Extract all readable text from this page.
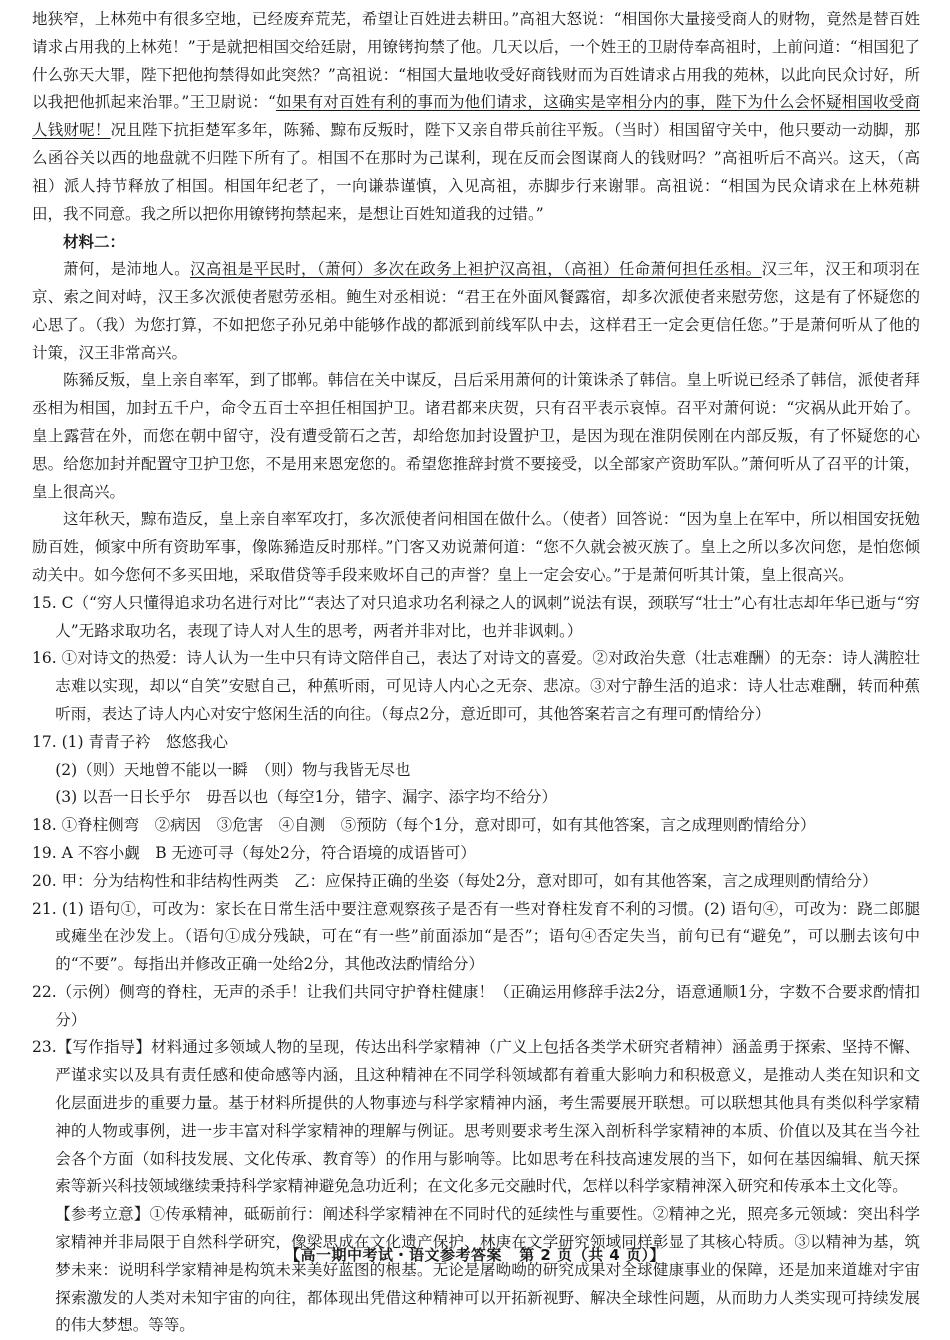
地狭窄，上林苑中有很多空地，已经废弃荒芜，希望让百姓进去耕田。”高祖大怒说：“相国你大量接受商人的财物，竟然是替百姓请求占用我的上林苑！”于是就把相国交给廷尉，用镣铐拘禁了他。几天以后，一个姓王的卫尉侍奉高祖时，上前问道：“相国犯了什么弥天大罪，陛下把他拘禁得如此突然？”高祖说：“相国大量地收受好商钱财而为百姓请求占用我的苑林，以此向民众讨好，所以我把他抓起来治罪。”王卫尉说：“如果有对百姓有利的事而为他们请求，这确实是宰相分内的事，陛下为什么会怀疑相国收受商人钱财呢！况且陛下抗拒楚军多年，陈豨、黥布反叛时，陛下又亲自带兵前往平叛。（当时）相国留守关中，他只要动一动脚，那么函谷关以西的地盘就不归陛下所有了。相国不在那时为己谋利，现在反而会图谋商人的钱财吗？”高祖听后不高兴。这天，（高祖）派人持节释放了相国。相国年纪老了，一向谦恭谨慎，入见高祖，赤脚步行来谢罪。高祖说：“相国为民众请求在上林苑耕田，我不同意。我之所以把你用镣铐拘禁起来，是想让百姓知道我的过错。”

材料二：

萧何，是沛地人。汉高祖是平民时，（萧何）多次在政务上袒护汉高祖，（高祖）任命萧何担任丞相。汉三年，汉王和项羽在京、索之间对峙，汉王多次派使者慰劳丞相。鲍生对丞相说：“君王在外面风餐露宿，却多次派使者来慰劳您，这是有了怀疑您的心思了。（我）为您打算，不如把您子孙兄弟中能够作战的都派到前线军队中去，这样君王一定会更信任您。”于是萧何听从了他的计策，汉王非常高兴。

陈豨反叛，皇上亲自率军，到了邯郸。韩信在关中谋反，吕后采用萧何的计策诛杀了韩信。皇上听说已经杀了韩信，派使者拜丞相为相国，加封五千户，命令五百士卒担任相国护卫。诸君都来庆贺，只有召平表示哀悼。召平对萧何说：“灾祸从此开始了。皇上露营在外，而您在朝中留守，没有遭受箭石之苦，却给您加封设置护卫，是因为现在淮阴侯刚在内部反叛，有了怀疑您的心思。给您加封并配置守卫护卫您，不是用来恩宠您的。希望您推辞封赏不要接受，以全部家产资助军队。”萧何听从了召平的计策，皇上很高兴。

这年秋天，黥布造反，皇上亲自率军攻打，多次派使者问相国在做什么。（使者）回答说：“因为皇上在军中，所以相国安抚勉励百姓，倾家中所有资助军事，像陈豨造反时那样。”门客又劝说萧何道：“您不久就会被灭族了。皇上之所以多次问您，是怕您倾动关中。如今您何不多买田地，采取借贷等手段来败坏自己的声誉？皇上一定会安心。”于是萧何听其计策，皇上很高兴。

15. C（“穷人只懂得追求功名进行对比”“表达了对只追求功名利禄之人的讽刺”说法有误，颈联写“壮士”心有壮志却年华已逝与“穷人”无路求取功名，表现了诗人对人生的思考，两者并非对比，也并非讽刺。）

16. ①对诗文的热爱：诗人认为一生中只有诗文陪伴自己，表达了对诗文的喜爱。②对政治失意（壮志难酬）的无奈：诗人满腔壮志难以实现，却以“自笑”安慰自己，种蕉听雨，可见诗人内心之无奈、悲凉。③对宁静生活的追求：诗人壮志难酬，转而种蕉听雨，表达了诗人内心对安宁悠闲生活的向往。（每点2分，意近即可，其他答案若言之有理可酌情给分）

17. (1) 青青子衿　悠悠我心

(2)（则）天地曾不能以一瞬　（则）物与我皆无尽也

(3) 以吾一日长乎尔　毋吾以也（每空1分，错字、漏字、添字均不给分）

18. ①脊柱侧弯　②病因　③危害　④自测　⑤预防（每个1分，意对即可，如有其他答案，言之成理则酌情给分）

19. A 不容小觑　B 无迹可寻（每处2分，符合语境的成语皆可）

20. 甲：分为结构性和非结构性两类　乙：应保持正确的坐姿（每处2分，意对即可，如有其他答案，言之成理则酌情给分）

21. (1) 语句①，可改为：家长在日常生活中要注意观察孩子是否有一些对脊柱发育不利的习惯。(2) 语句④，可改为：跷二郎腿或瘫坐在沙发上。（语句①成分残缺，可在“有一些”前面添加“是否”；语句④否定失当，前句已有“避免”，可以删去该句中的“不要”。每指出并修改正确一处给2分，其他改法酌情给分）

22.（示例）侧弯的脊柱，无声的杀手！让我们共同守护脊柱健康！（正确运用修辞手法2分，语意通顺1分，字数不合要求酌情扣分）

23.【写作指导】材料通过多领域人物的呈现，传达出科学家精神（广义上包括各类学术研究者精神）涵盖勇于探索、坚持不懈、严谨求实以及具有责任感和使命感等内涵，且这种精神在不同学科领域都有着重大影响力和积极意义，是推动人类在知识和文化层面进步的重要力量。基于材料所提供的人物事迹与科学家精神内涵，考生需要展开联想。可以联想其他具有类似科学家精神的人物或事例，进一步丰富对科学家精神的理解与例证。思考则要求考生深入剖析科学家精神的本质、价值以及其在当今社会各个方面（如科技发展、文化传承、教育等）的作用与影响等。比如思考在科技高速发展的当下，如何在基因编辑、航天探索等新兴科技领域继续秉持科学家精神避免急功近利；在文化多元交融时代，怎样以科学家精神深入研究和传承本土文化等。

【参考立意】①传承精神，砥砺前行：阐述科学家精神在不同时代的延续性与重要性。②精神之光，照亮多元领域：突出科学家精神并非局限于自然科学研究，像梁思成在文化遗产保护、林庚在文学研究领域同样彰显了其核心特质。③以精神为基，筑梦未来：说明科学家精神是构筑未来美好蓝图的根基。无论是屠呦呦的研究成果对全球健康事业的保障，还是加来道雄对宇宙探索激发的人类对未知宇宙的向往，都体现出凭借这种精神可以开拓新视野、解决全球性问题，从而助力人类实现可持续发展的伟大梦想。等等。

【高一期中考试・语文参考答案 第 2 页（共 4 页）】
